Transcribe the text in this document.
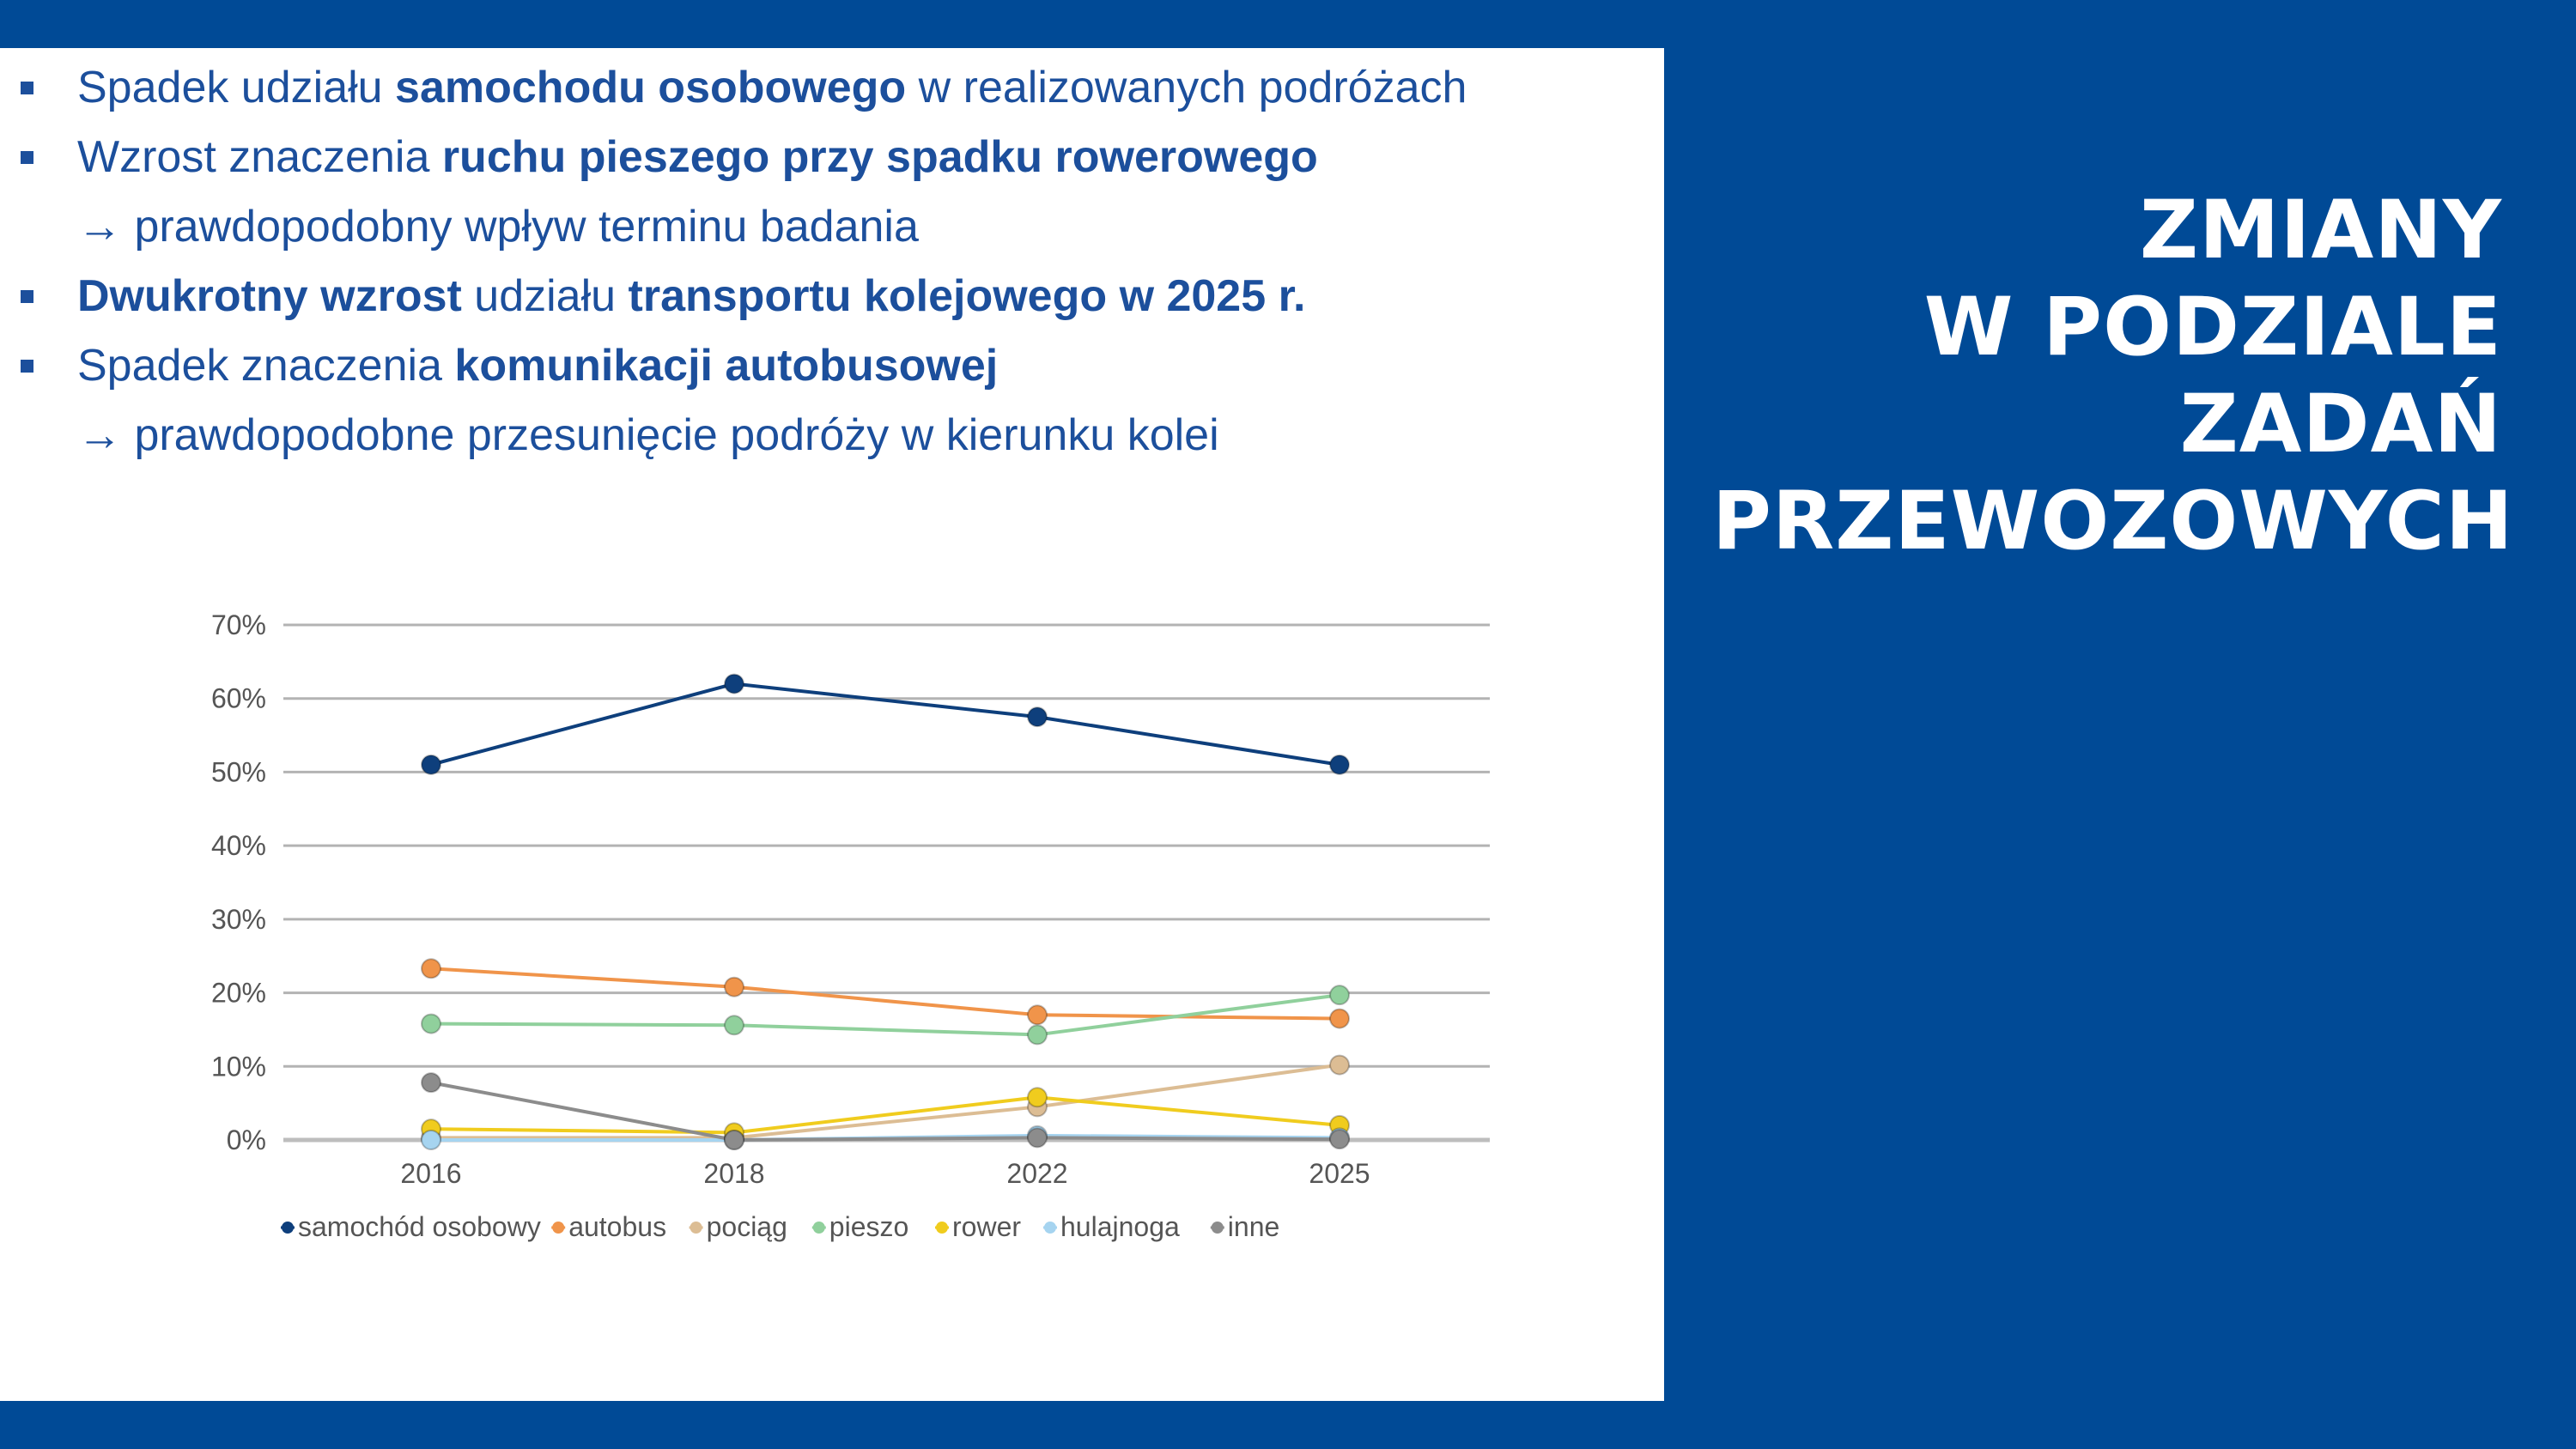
Spadek udziału samochodu osobowego w realizowanych podróżach
Wzrost znaczenia ruchu pieszego przy spadku rowerowego
→ prawdopodobny wpływ terminu badania
Dwukrotny wzrost udziału transportu kolejowego w 2025 r.
Spadek znaczenia komunikacji autobusowej
→ prawdopodobne przesunięcie podróży w kierunku kolei
ZMIANY
W PODZIALE
ZADAŃ
PRZEWOZOWYCH
0%
10%
20%
30%
40%
50%
60%
70%
2016	2018	2022	2025
samochód osobowy autobus pociąg pieszo rower hulajnoga inne
